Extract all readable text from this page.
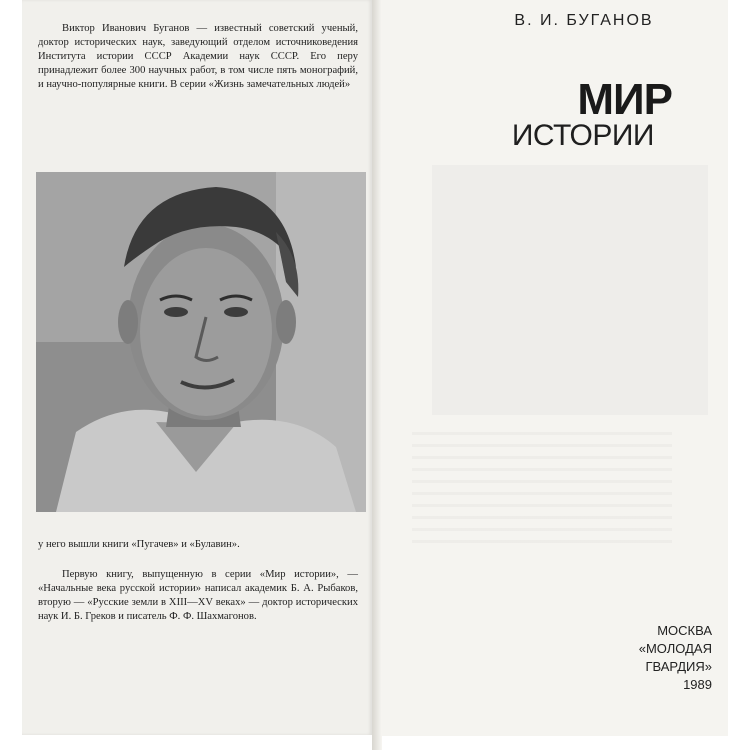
Виктор Иванович Буганов — известный советский ученый, доктор исторических наук, заведующий отделом источниковедения Института истории СССР Академии наук СССР. Его перу принадлежит более 300 научных работ, в том числе пять монографий, и научно-популярные книги. В серии «Жизнь замечательных людей»

у него вышли книги «Пугачев» и «Булавин».

Первую книгу, выпущенную в серии «Мир истории», — «Начальные века русской истории» написал академик Б. А. Рыбаков, вторую — «Русские земли в XIII—XV веках» — доктор исторических наук И. Б. Греков и писатель Ф. Ф. Шахмагонов.

В. И. БУГАНОВ
МИР
ИСТОРИИ
МОСКВА
«МОЛОДАЯ
ГВАРДИЯ»
1989
